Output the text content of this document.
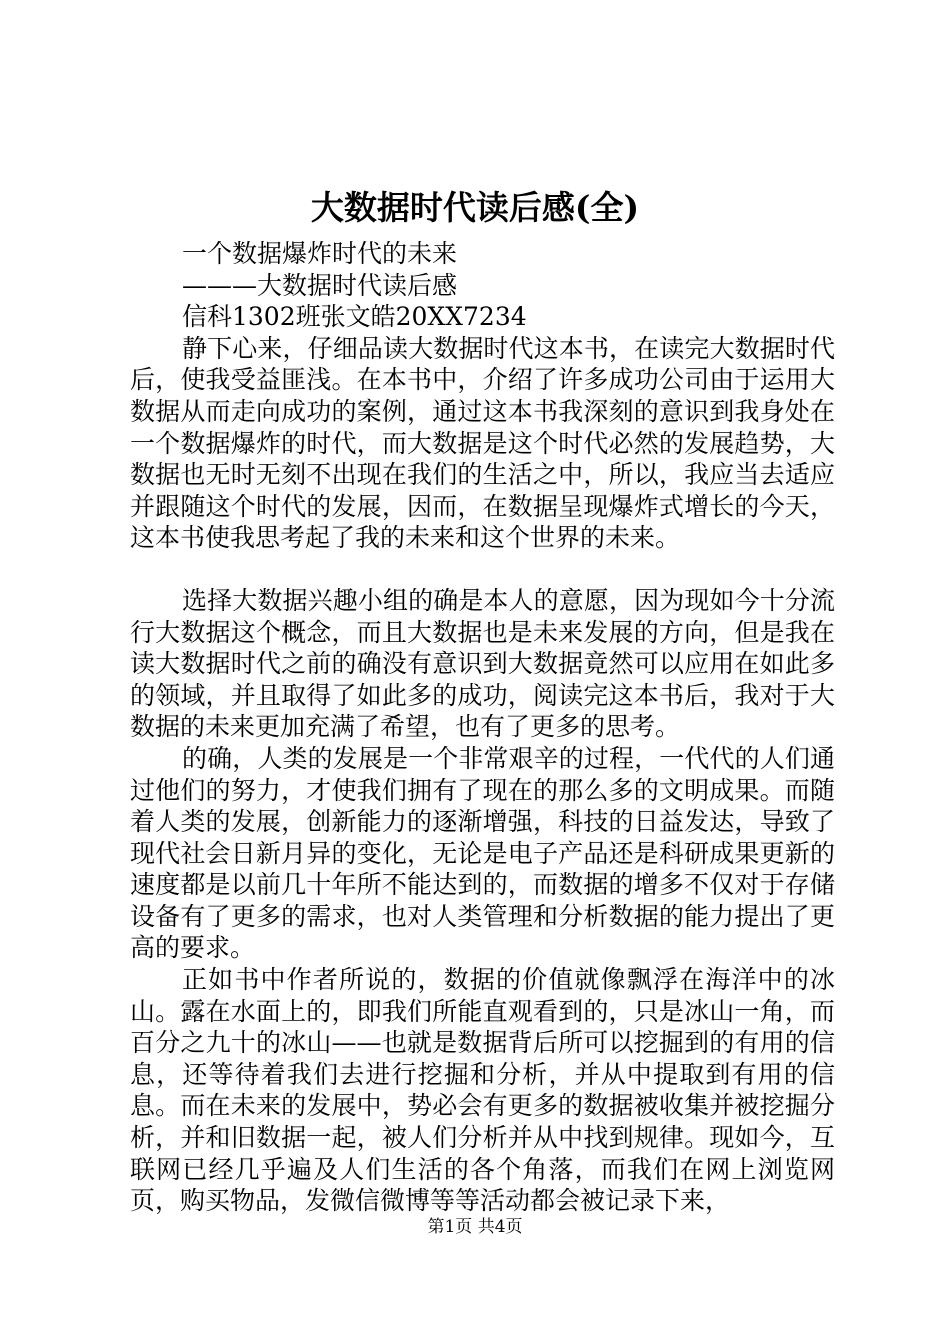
大数据时代读后感(全)
一个数据爆炸时代的未来
———大数据时代读后感
信科1302班张文皓20XX7234

静下心来，仔细品读大数据时代这本书，在读完大数据时代后，使我受益匪浅。在本书中，介绍了许多成功公司由于运用大数据从而走向成功的案例，通过这本书我深刻的意识到我身处在一个数据爆炸的时代，而大数据是这个时代必然的发展趋势，大数据也无时无刻不出现在我们的生活之中，所以，我应当去适应并跟随这个时代的发展，因而，在数据呈现爆炸式增长的今天，这本书使我思考起了我的未来和这个世界的未来。

选择大数据兴趣小组的确是本人的意愿，因为现如今十分流行大数据这个概念，而且大数据也是未来发展的方向，但是我在读大数据时代之前的确没有意识到大数据竟然可以应用在如此多的领域，并且取得了如此多的成功，阅读完这本书后，我对于大数据的未来更加充满了希望，也有了更多的思考。

的确，人类的发展是一个非常艰辛的过程，一代代的人们通过他们的努力，才使我们拥有了现在的那么多的文明成果。而随着人类的发展，创新能力的逐渐增强，科技的日益发达，导致了现代社会日新月异的变化，无论是电子产品还是科研成果更新的速度都是以前几十年所不能达到的，而数据的增多不仅对于存储设备有了更多的需求，也对人类管理和分析数据的能力提出了更高的要求。

正如书中作者所说的，数据的价值就像飘浮在海洋中的冰山。露在水面上的，即我们所能直观看到的，只是冰山一角，而百分之九十的冰山——也就是数据背后所可以挖掘到的有用的信息，还等待着我们去进行挖掘和分析，并从中提取到有用的信息。而在未来的发展中，势必会有更多的数据被收集并被挖掘分析，并和旧数据一起，被人们分析并从中找到规律。现如今，互联网已经几乎遍及人们生活的各个角落，而我们在网上浏览网页，购买物品，发微信微博等等活动都会被记录下来，

第1页 共4页
